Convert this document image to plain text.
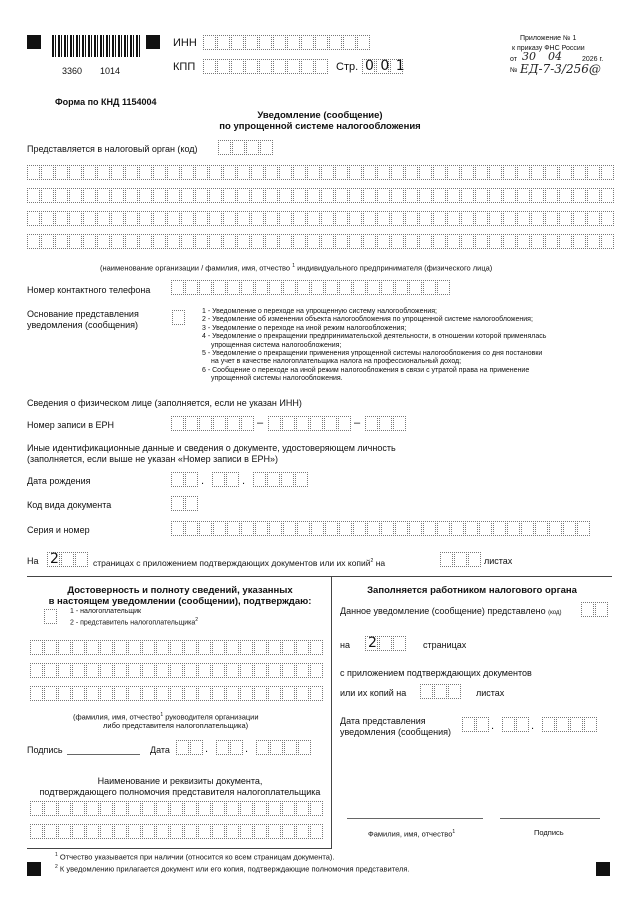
3360 1014
ИНН
КПП	Стр. 0 0 1
Приложение № 1
к приказу ФНС России
от 30 04	2026 г.
№ ЕД-7-3/256@
Форма по КНД 1154004
Уведомление (сообщение)
по упрощенной системе налогообложения
Представляется в налоговый орган (код)
(наименование организации / фамилия, имя, отчество $^1$ индивидуального предпринимателя (физического лица)
Номер контактного телефона
Основание представления
уведомления (сообщения)
1 - Уведомление о переходе на упрощенную систему налогообложения;
2 - Уведомление об изменении объекта налогообложения по упрощенной системе налогообложения;
3 - Уведомление о переходе на иной режим налогообложения;
4 - Уведомление о прекращении предпринимательской деятельности, в отношении которой применялась
упрощенная система налогообложения;
5 - Уведомление о прекращении применения упрощенной системы налогообложения со дня постановки
на учет в качестве налогоплательщика налога на профессиональный доход;
6 - Сообщение о переходе на иной режим налогообложения в связи с утратой права на применение
упрощенной системы налогообложения.
Сведения о физическом лице (заполняется, если не указан ИНН)
Номер записи в ЕРН	–	–
Иные идентификационные данные и сведения о документе, удостоверяющем личность
(заполняется, если выше не указан «Номер записи в ЕРН»)
Дата рождения	.	.
Код вида документа
Серия и номер
На 2	страницах с приложением подтверждающих документов или их копий$^2$ на	листах
Достоверность и полноту сведений, указанных
в настоящем уведомлении (сообщении), подтверждаю:
1 - налогоплательщик
2 - представитель налогоплательщика$^2$
(фамилия, имя, отчество$^1$ руководителя организации
либо представителя налогоплательщика)
Подпись	Дата	.	.
Наименование и реквизиты документа,
подтверждающего полномочия представителя налогоплательщика
Заполняется работником налогового органа
Данное уведомление (сообщение) представлено (код)
на 2	страницах
с приложением подтверждающих документов
или их копий на	листах
Дата представления
уведомления (сообщения)	.	.
Фамилия, имя, отчество$^1$	Подпись
$^1$ Отчество указывается при наличии (относится ко всем страницам документа).
$^2$ К уведомлению прилагается документ или его копия, подтверждающие полномочия представителя.
